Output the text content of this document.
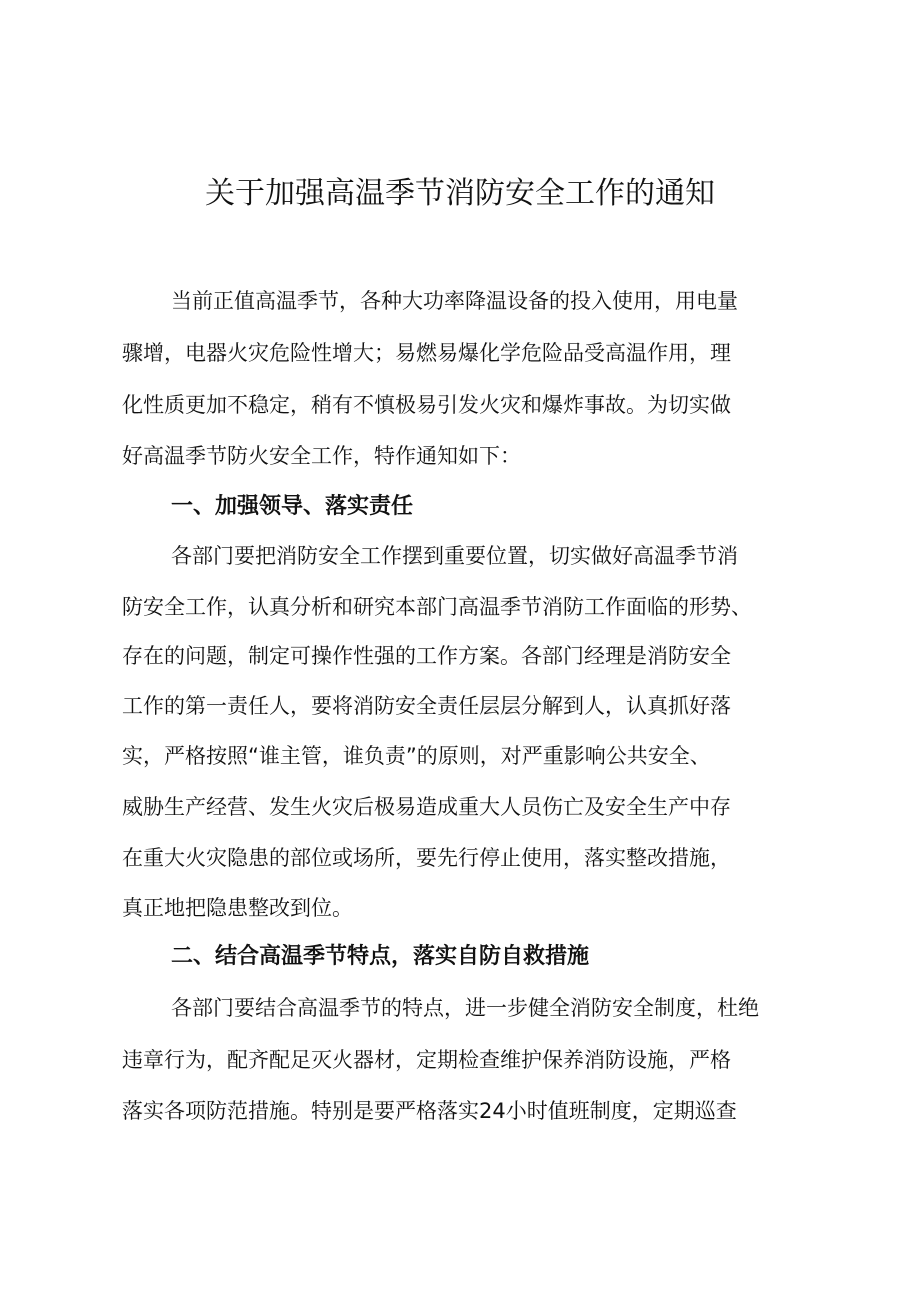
关于加强高温季节消防安全工作的通知

当前正值高温季节，各种大功率降温设备的投入使用，用电量

骤增，电器火灾危险性增大；易燃易爆化学危险品受高温作用，理

化性质更加不稳定，稍有不慎极易引发火灾和爆炸事故。为切实做

好高温季节防火安全工作，特作通知如下：

一、加强领导、落实责任

各部门要把消防安全工作摆到重要位置，切实做好高温季节消

防安全工作，认真分析和研究本部门高温季节消防工作面临的形势、

存在的问题，制定可操作性强的工作方案。各部门经理是消防安全

工作的第一责任人，要将消防安全责任层层分解到人，认真抓好落

实，严格按照“谁主管，谁负责”的原则，对严重影响公共安全、

威胁生产经营、发生火灾后极易造成重大人员伤亡及安全生产中存

在重大火灾隐患的部位或场所，要先行停止使用，落实整改措施，

真正地把隐患整改到位。

二、结合高温季节特点，落实自防自救措施

各部门要结合高温季节的特点，进一步健全消防安全制度，杜绝

违章行为，配齐配足灭火器材，定期检查维护保养消防设施，严格

落实各项防范措施。特别是要严格落实24小时值班制度，定期巡查
